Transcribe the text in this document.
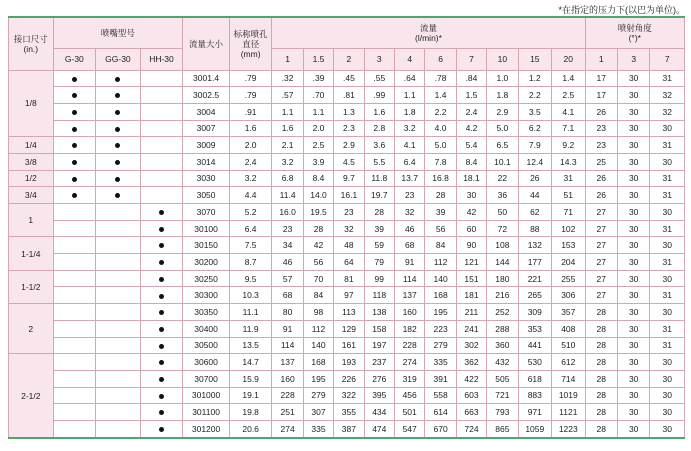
*在指定的压力下(以巴为单位)。
接口尺寸(in.)	喷嘴型号			流量大小	标称喷孔直径
(mm)	流量
(l/min)*										喷射角度
(°)*		
	G-30	GG-30	HH-30			1	1.5	2	3	4	6	7	10	15	20	1	3	7
1/8				3001.4	.79	.32	.39	.45	.55	.64	.78	.84	1.0	1.2	1.4	17	30	31
				3002.5	.79	.57	.70	.81	.99	1.1	1.4	1.5	1.8	2.2	2.5	17	30	32
				3004	.91	1.1	1.1	1.3	1.6	1.8	2.2	2.4	2.9	3.5	4.1	26	30	32
				3007	1.6	1.6	2.0	2.3	2.8	3.2	4.0	4.2	5.0	6.2	7.1	23	30	30
1/4				3009	2.0	2.1	2.5	2.9	3.6	4.1	5.0	5.4	6.5	7.9	9.2	23	30	31
3/8				3014	2.4	3.2	3.9	4.5	5.5	6.4	7.8	8.4	10.1	12.4	14.3	25	30	30
1/2				3030	3.2	6.8	8.4	9.7	11.8	13.7	16.8	18.1	22	26	31	26	30	31
3/4				3050	4.4	11.4	14.0	16.1	19.7	23	28	30	36	44	51	26	30	31
1				3070	5.2	16.0	19.5	23	28	32	39	42	50	62	71	27	30	30
				30100	6.4	23	28	32	39	46	56	60	72	88	102	27	30	31
1-1/4				30150	7.5	34	42	48	59	68	84	90	108	132	153	27	30	30
				30200	8.7	46	56	64	79	91	112	121	144	177	204	27	30	31
1-1/2				30250	9.5	57	70	81	99	114	140	151	180	221	255	27	30	30
				30300	10.3	68	84	97	118	137	168	181	216	265	306	27	30	31
2				30350	11.1	80	98	113	138	160	195	211	252	309	357	28	30	30
				30400	11.9	91	112	129	158	182	223	241	288	353	408	28	30	31
				30500	13.5	114	140	161	197	228	279	302	360	441	510	28	30	31
2-1/2				30600	14.7	137	168	193	237	274	335	362	432	530	612	28	30	30
				30700	15.9	160	195	226	276	319	391	422	505	618	714	28	30	30
				301000	19.1	228	279	322	395	456	558	603	721	883	1019	28	30	30
				301100	19.8	251	307	355	434	501	614	663	793	971	1121	28	30	30
				301200	20.6	274	335	387	474	547	670	724	865	1059	1223	28	30	30
